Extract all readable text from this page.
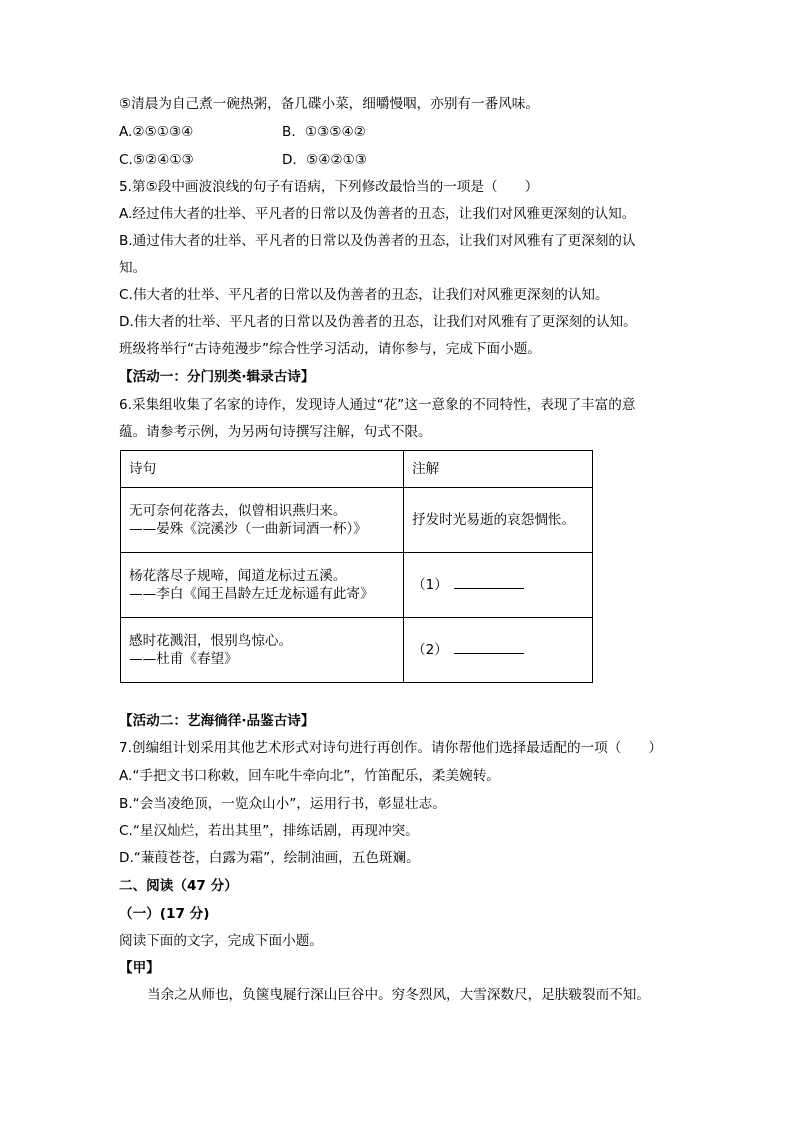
⑤清晨为自己煮一碗热粥，备几碟小菜，细嚼慢咽，亦别有一番风味。
A.②⑤①③④	B．①③⑤④②
C.⑤②④①③	D．⑤④②①③
5.第⑤段中画波浪线的句子有语病，下列修改最恰当的一项是（　　）
A.经过伟大者的壮举、平凡者的日常以及伪善者的丑态，让我们对风雅更深刻的认知。
B.通过伟大者的壮举、平凡者的日常以及伪善者的丑态，让我们对风雅有了更深刻的认
知。
C.伟大者的壮举、平凡者的日常以及伪善者的丑态，让我们对风雅更深刻的认知。
D.伟大者的壮举、平凡者的日常以及伪善者的丑态，让我们对风雅有了更深刻的认知。
班级将举行“古诗苑漫步”综合性学习活动，请你参与，完成下面小题。
【活动一：分门别类·辑录古诗】
6.采集组收集了名家的诗作，发现诗人通过“花”这一意象的不同特性，表现了丰富的意
蕴。请参考示例，为另两句诗撰写注解，句式不限。
诗句	注解

无可奈何花落去，似曾相识燕归来。
——晏殊《浣溪沙（一曲新词酒一杯）》	抒发时光易逝的哀怨惆怅。

杨花落尽子规啼，闻道龙标过五溪。
——李白《闻王昌龄左迁龙标遥有此寄》	（1）

感时花溅泪，恨别鸟惊心。
——杜甫《春望》	（2）
【活动二：艺海徜徉·品鉴古诗】
7.创编组计划采用其他艺术形式对诗句进行再创作。请你帮他们选择最适配的一项（　　）
A.“手把文书口称敕，回车叱牛牵向北”，竹笛配乐，柔美婉转。
B.“会当凌绝顶，一览众山小”，运用行书，彰显壮志。
C.“星汉灿烂，若出其里”，排练话剧，再现冲突。
D.“蒹葭苍苍，白露为霜”，绘制油画，五色斑斓。
二、阅读（47 分）
（一）(17 分)
阅读下面的文字，完成下面小题。
【甲】
当余之从师也，负箧曳屣行深山巨谷中。穷冬烈风，大雪深数尺，足肤皲裂而不知。
